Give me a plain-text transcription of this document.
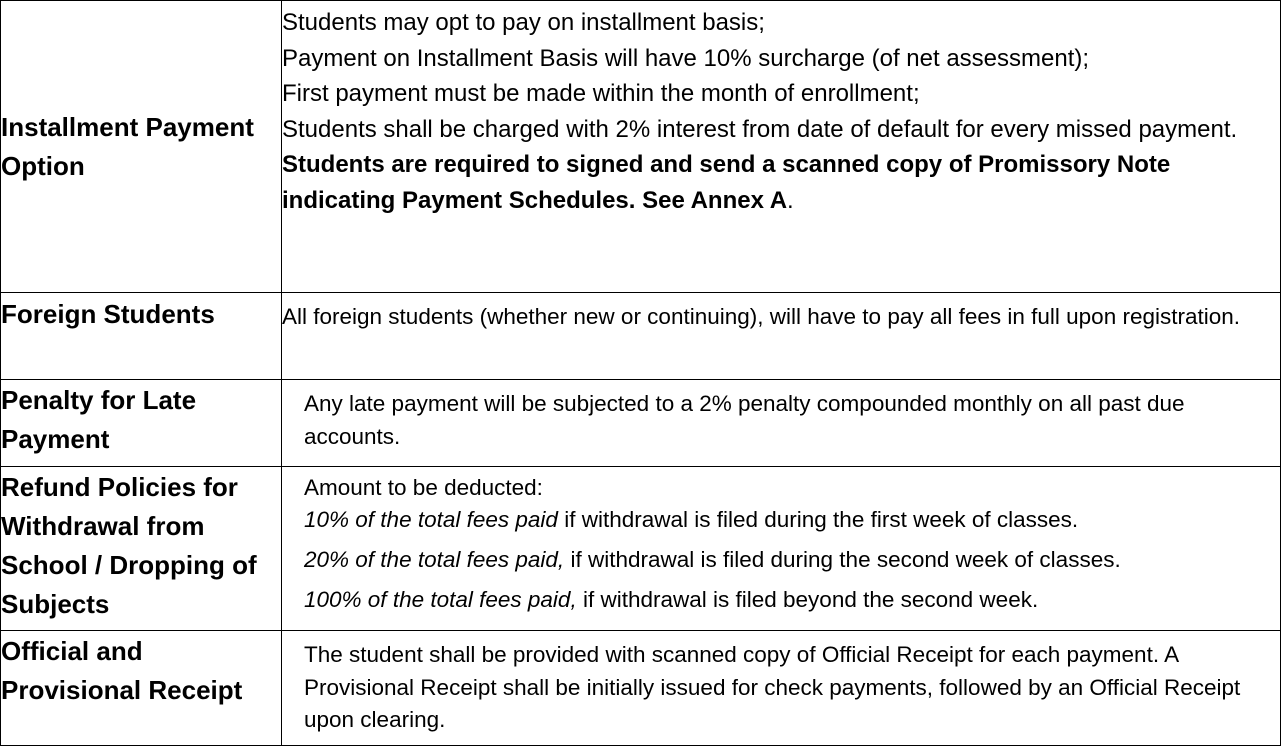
Installment Payment Option	Students may opt to pay on installment basis;

Payment on Installment Basis will have 10% surcharge (of net assessment);

First payment must be made within the month of enrollment;

Students shall be charged with 2% interest from date of default for every missed payment.

Students are required to signed and send a scanned copy of Promissory Note indicating Payment Schedules. See Annex A.

Foreign Students	All foreign students (whether new or continuing), will have to pay all fees in full upon registration.

Penalty for Late Payment	Any late payment will be subjected to a 2% penalty compounded monthly on all past due accounts.

Refund Policies for Withdrawal from School / Dropping of Subjects	Amount to be deducted:

10% of the total fees paid if withdrawal is filed during the first week of classes.

20% of the total fees paid, if withdrawal is filed during the second week of classes.

100% of the total fees paid, if withdrawal is filed beyond the second week.

Official and Provisional Receipt	The student shall be provided with scanned copy of Official Receipt for each payment. A Provisional Receipt shall be initially issued for check payments, followed by an Official Receipt upon clearing.
